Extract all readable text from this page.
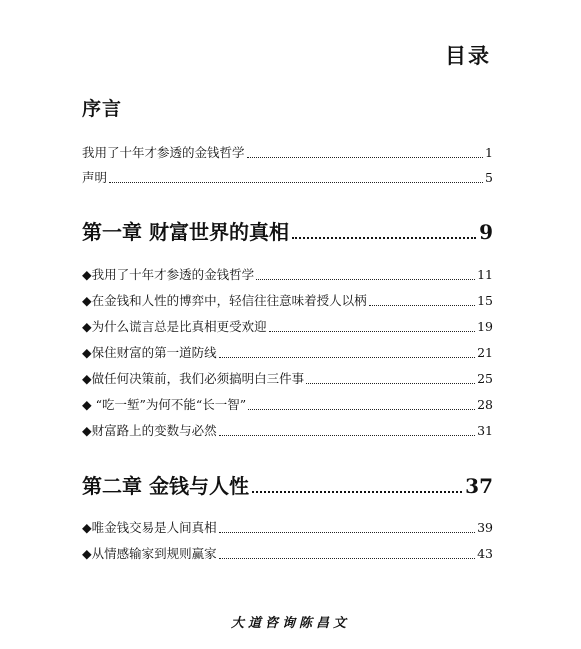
目录
序言
我用了十年才参透的金钱哲学	1
声明	5
第一章 财富世界的真相	9
◆我用了十年才参透的金钱哲学	11
◆在金钱和人性的博弈中，轻信往往意味着授人以柄	15
◆为什么谎言总是比真相更受欢迎	19
◆保住财富的第一道防线	21
◆做任何决策前，我们必须搞明白三件事	25
◆ “吃一堑”为何不能“长一智”	28
◆财富路上的变数与必然	31
第二章 金钱与人性	37
◆唯金钱交易是人间真相	39
◆从情感输家到规则赢家	43
大道咨询陈昌文
